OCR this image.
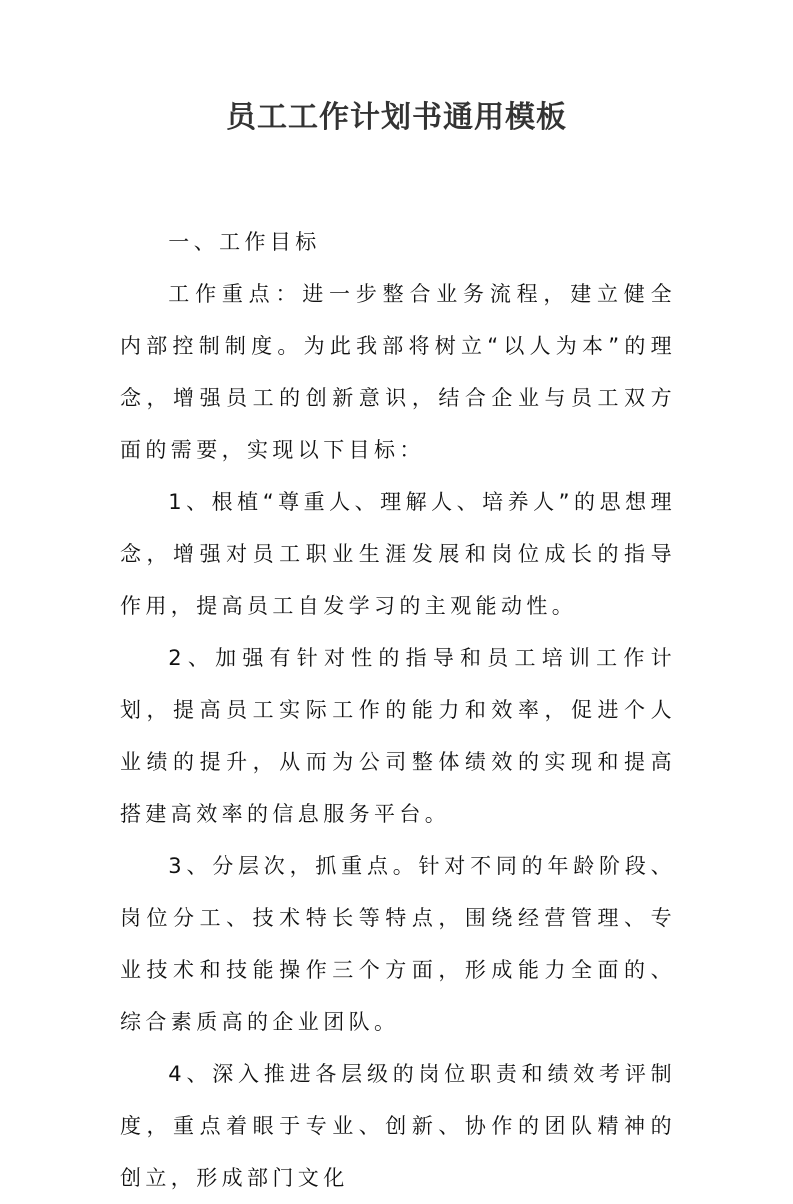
员工工作计划书通用模板

一、工作目标

工作重点：进一步整合业务流程，建立健全内部控制制度。为此我部将树立“以人为本”的理念，增强员工的创新意识，结合企业与员工双方面的需要，实现以下目标：

1、根植“尊重人、理解人、培养人”的思想理念，增强对员工职业生涯发展和岗位成长的指导作用，提高员工自发学习的主观能动性。

2、加强有针对性的指导和员工培训工作计划，提高员工实际工作的能力和效率，促进个人业绩的提升，从而为公司整体绩效的实现和提高搭建高效率的信息服务平台。

3、分层次，抓重点。针对不同的年龄阶段、岗位分工、技术特长等特点，围绕经营管理、专业技术和技能操作三个方面，形成能力全面的、综合素质高的企业团队。

4、深入推进各层级的岗位职责和绩效考评制度，重点着眼于专业、创新、协作的团队精神的创立，形成部门文化
